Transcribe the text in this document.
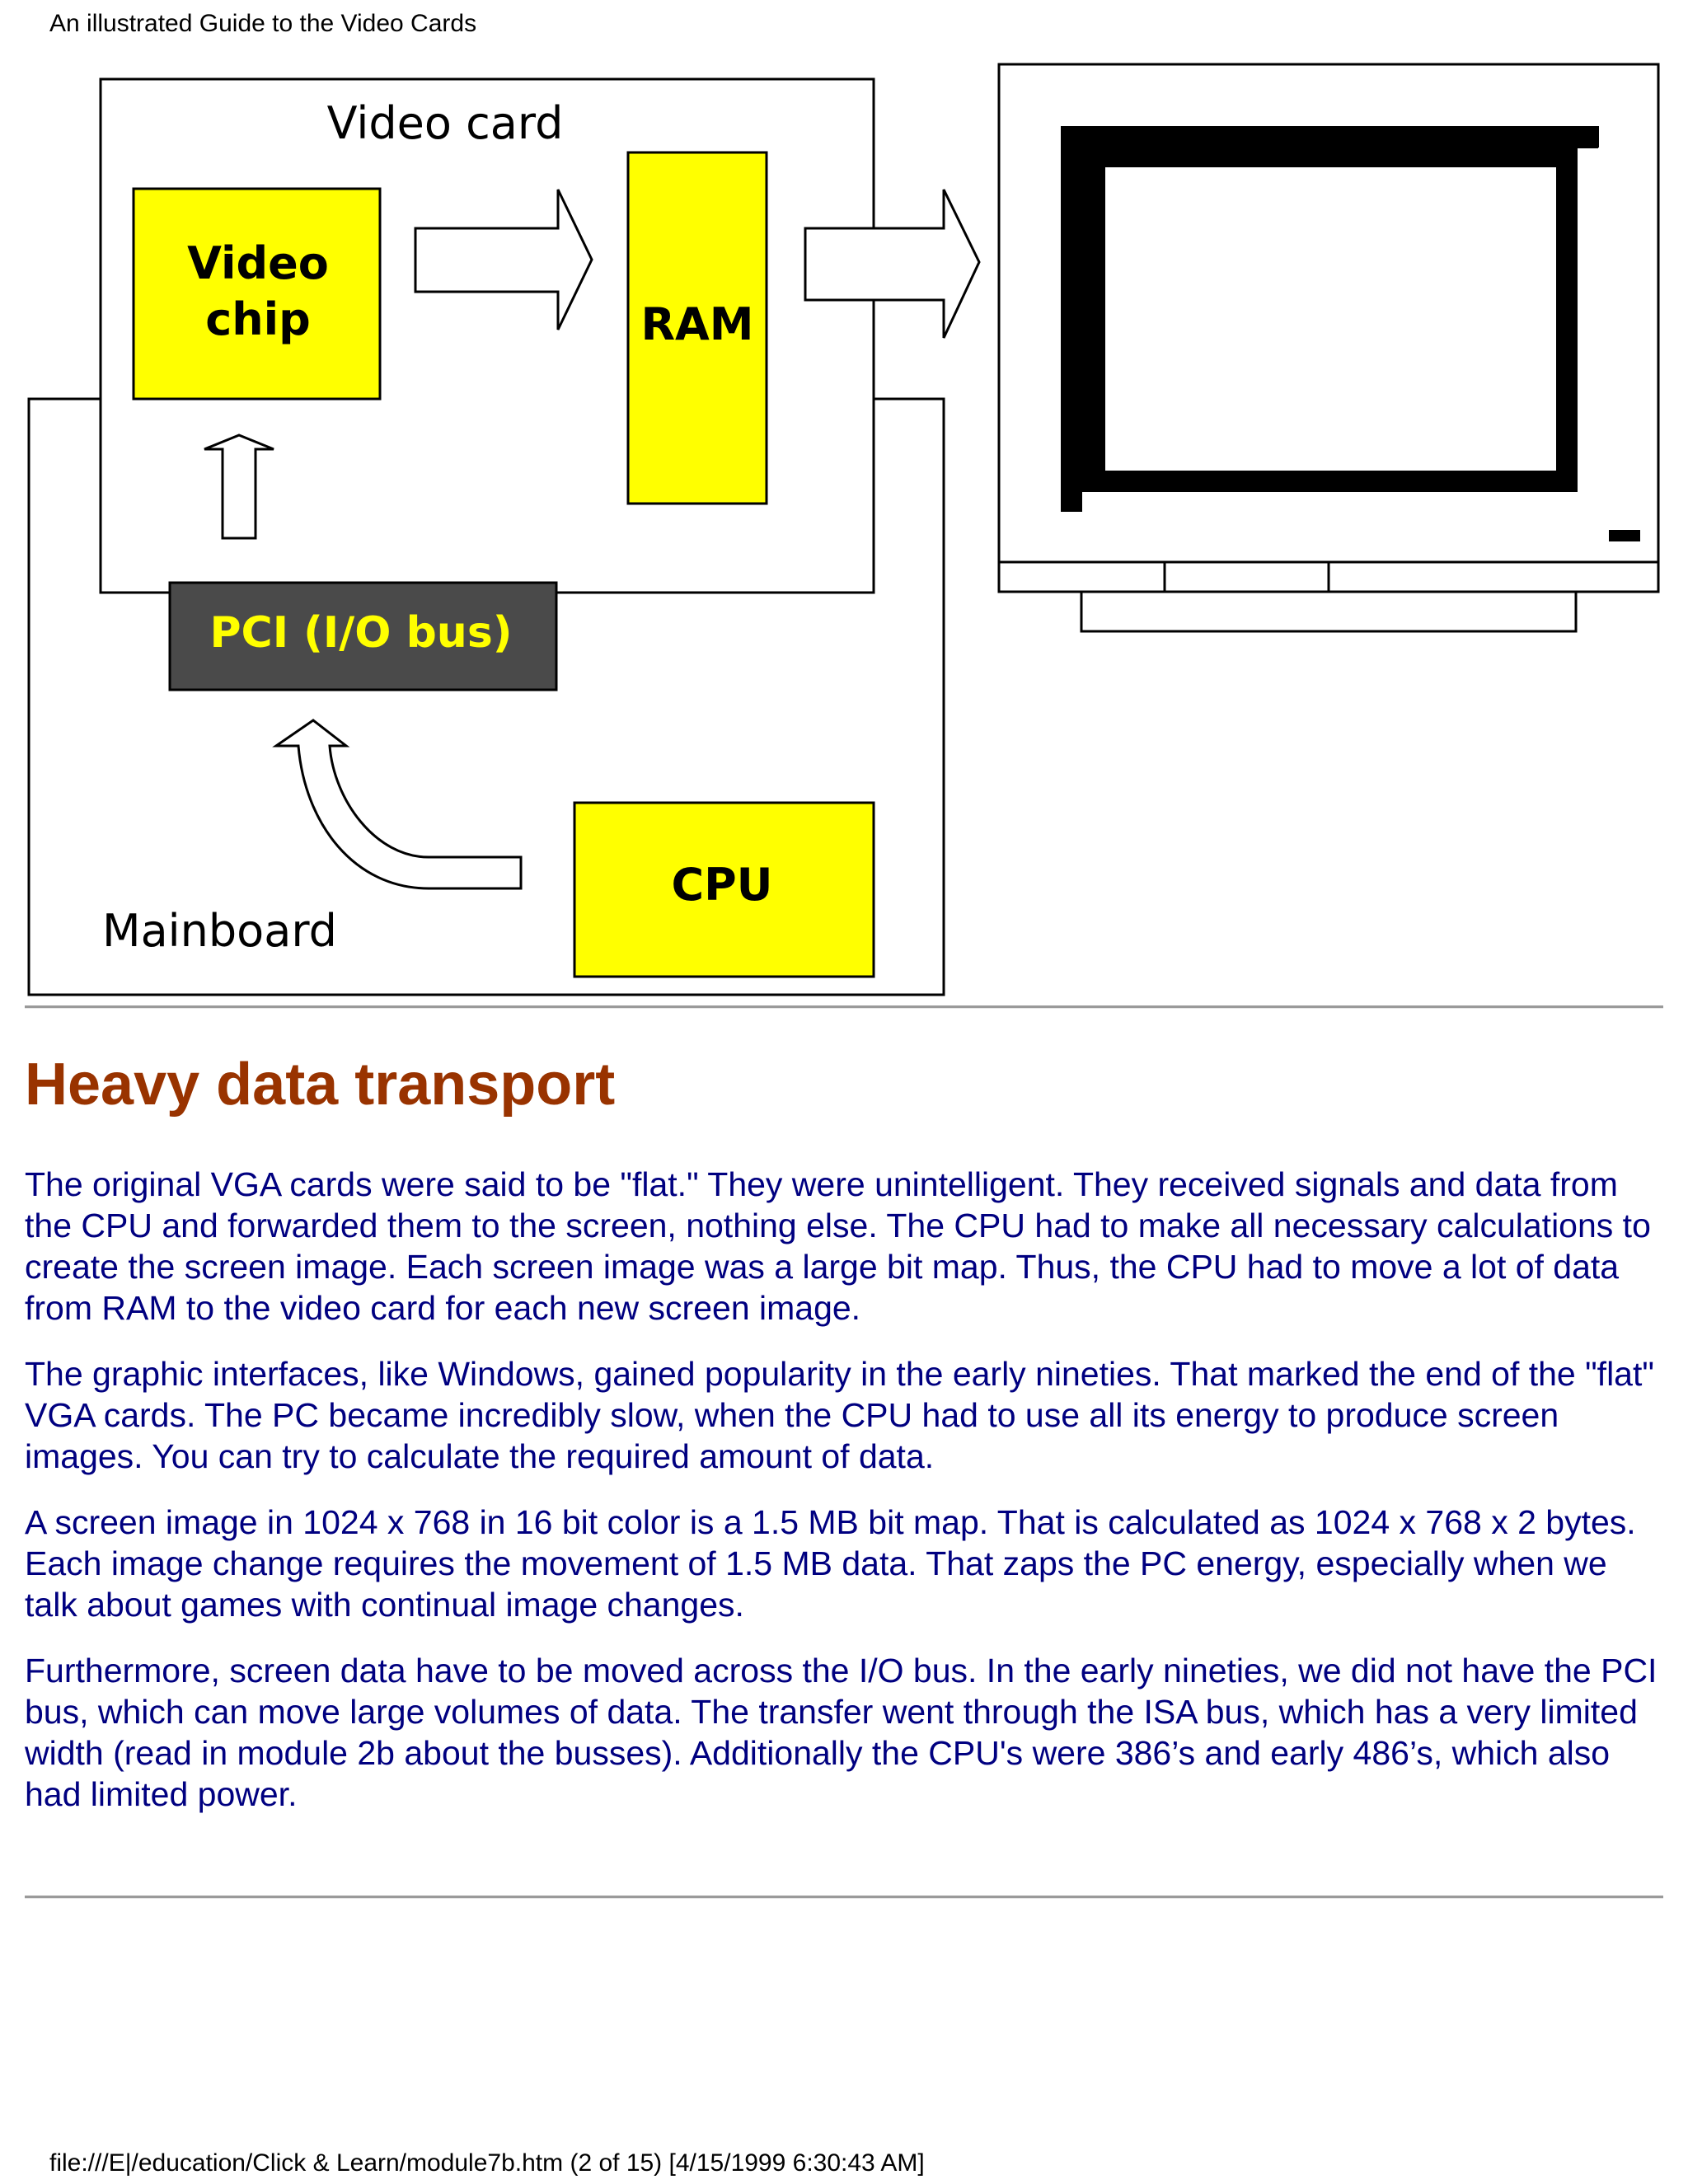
An illustrated Guide to the Video Cards
Video card
Video
chip	RAM
PCI (I/O bus)
CPU
Mainboard
Heavy data transport

The original VGA cards were said to be "flat." They were unintelligent. They received signals and data from the CPU and forwarded them to the screen, nothing else. The CPU had to make all necessary calculations to create the screen image. Each screen image was a large bit map. Thus, the CPU had to move a lot of data from RAM to the video card for each new screen image.

The graphic interfaces, like Windows, gained popularity in the early nineties. That marked the end of the "flat" VGA cards. The PC became incredibly slow, when the CPU had to use all its energy to produce screen images. You can try to calculate the required amount of data.

A screen image in 1024 x 768 in 16 bit color is a 1.5 MB bit map. That is calculated as 1024 x 768 x 2 bytes. Each image change requires the movement of 1.5 MB data. That zaps the PC energy, especially when we talk about games with continual image changes.

Furthermore, screen data have to be moved across the I/O bus. In the early nineties, we did not have the PCI bus, which can move large volumes of data. The transfer went through the ISA bus, which has a very limited width (read in module 2b about the busses). Additionally the CPU's were 386’s and early 486’s, which also had limited power.

file:///E|/education/Click & Learn/module7b.htm (2 of 15) [4/15/1999 6:30:43 AM]
